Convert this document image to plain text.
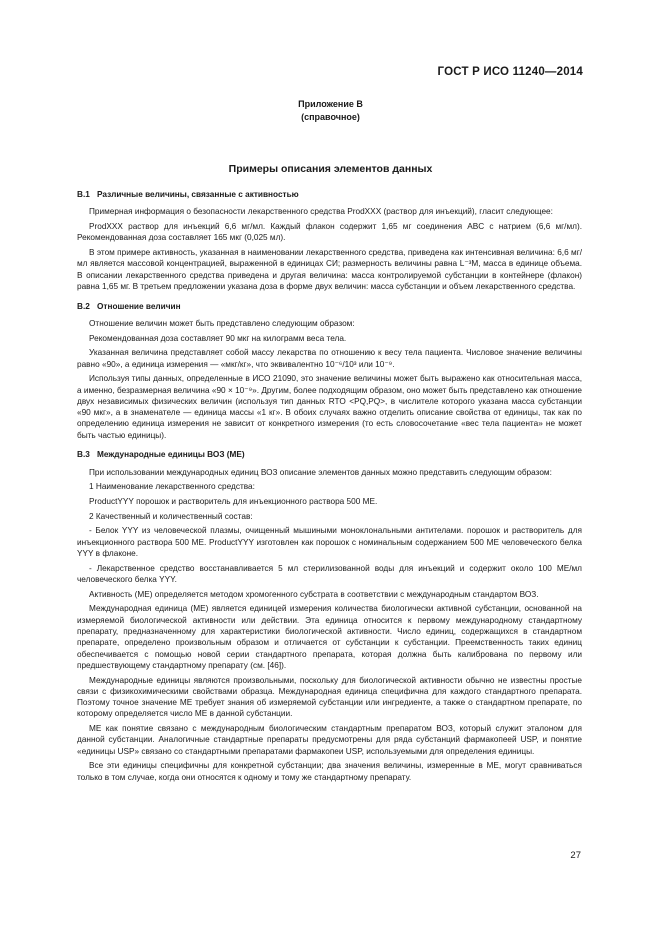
ГОСТ Р ИСО 11240—2014
Приложение В
(справочное)
Примеры описания элементов данных
В.1 Различные величины, связанные с активностью

Примерная информация о безопасности лекарственного средства ProdXXX (раствор для инъекций), гласит следующее:

ProdXXX раствор для инъекций 6,6 мг/мл. Каждый флакон содержит 1,65 мг соединения ABC с натрием (6,6 мг/мл). Рекомендованная доза составляет 165 мкг (0,025 мл).

В этом примере активность, указанная в наименовании лекарственного средства, приведена как интенсивная величина: 6,6 мг/мл является массовой концентрацией, выраженной в единицах СИ; размерность величины равна L⁻³M, масса в единице объема. В описании лекарственного средства приведена и другая величина: масса контролируемой субстанции в контейнере (флакон) равна 1,65 мг. В третьем предложении указана доза в форме двух величин: масса субстанции и объем лекарственного средства.

В.2 Отношение величин

Отношение величин может быть представлено следующим образом:

Рекомендованная доза составляет 90 мкг на килограмм веса тела.

Указанная величина представляет собой массу лекарства по отношению к весу тела пациента. Числовое значение величины равно «90», а единица измерения — «мкг/кг», что эквивалентно 10⁻⁶/10³ или 10⁻⁹.

Используя типы данных, определенные в ИСО 21090, это значение величины может быть выражено как относительная масса, а именно, безразмерная величина «90 × 10⁻⁹». Другим, более подходящим образом, оно может быть представлено как отношение двух независимых физических величин (используя тип данных RTO <PQ,PQ>, в числителе которого указана масса субстанции «90 мкг», а в знаменателе — единица массы «1 кг». В обоих случаях важно отделить описание свойства от единицы, так как по определению единица измерения не зависит от конкретного измерения (то есть словосочетание «вес тела пациента» не может быть частью единицы).

В.3 Международные единицы ВОЗ (МЕ)

При использовании международных единиц ВОЗ описание элементов данных можно представить следующим образом:

1 Наименование лекарственного средства:

ProductYYY порошок и растворитель для инъекционного раствора 500 МЕ.

2 Качественный и количественный состав:

- Белок YYY из человеческой плазмы, очищенный мышиными моноклональными антителами. порошок и растворитель для инъекционного раствора 500 МЕ. ProductYYY изготовлен как порошок с номинальным содержанием 500 МЕ человеческого белка YYY в флаконе.

- Лекарственное средство восстанавливается 5 мл стерилизованной воды для инъекций и содержит около 100 МЕ/мл человеческого белка YYY.

Активность (МЕ) определяется методом хромогенного субстрата в соответствии с международным стандартом ВОЗ.

Международная единица (МЕ) является единицей измерения количества биологически активной субстанции, основанной на измеряемой биологической активности или действии. Эта единица относится к первому международному стандартному препарату, предназначенному для характеристики биологической активности. Число единиц, содержащихся в стандартном препарате, определено произвольным образом и отличается от субстанции к субстанции. Преемственность таких единиц обеспечивается с помощью новой серии стандартного препарата, которая должна быть калибрована по первому или предшествующему стандартному препарату (см. [46]).

Международные единицы являются произвольными, поскольку для биологической активности обычно не известны простые связи с физикохимическими свойствами образца. Международная единица специфична для каждого стандартного препарата. Поэтому точное значение МЕ требует знания об измеряемой субстанции или ингредиенте, а также о стандартном препарате, по которому определяется число МЕ в данной субстанции.

МЕ как понятие связано с международным биологическим стандартным препаратом ВОЗ, который служит эталоном для данной субстанции. Аналогичные стандартные препараты предусмотрены для ряда субстанций фармакопеей USP, и понятие «единицы USP» связано со стандартными препаратами фармакопеи USP, используемыми для определения единицы.

Все эти единицы специфичны для конкретной субстанции; два значения величины, измеренные в МЕ, могут сравниваться только в том случае, когда они относятся к одному и тому же стандартному препарату.

27
